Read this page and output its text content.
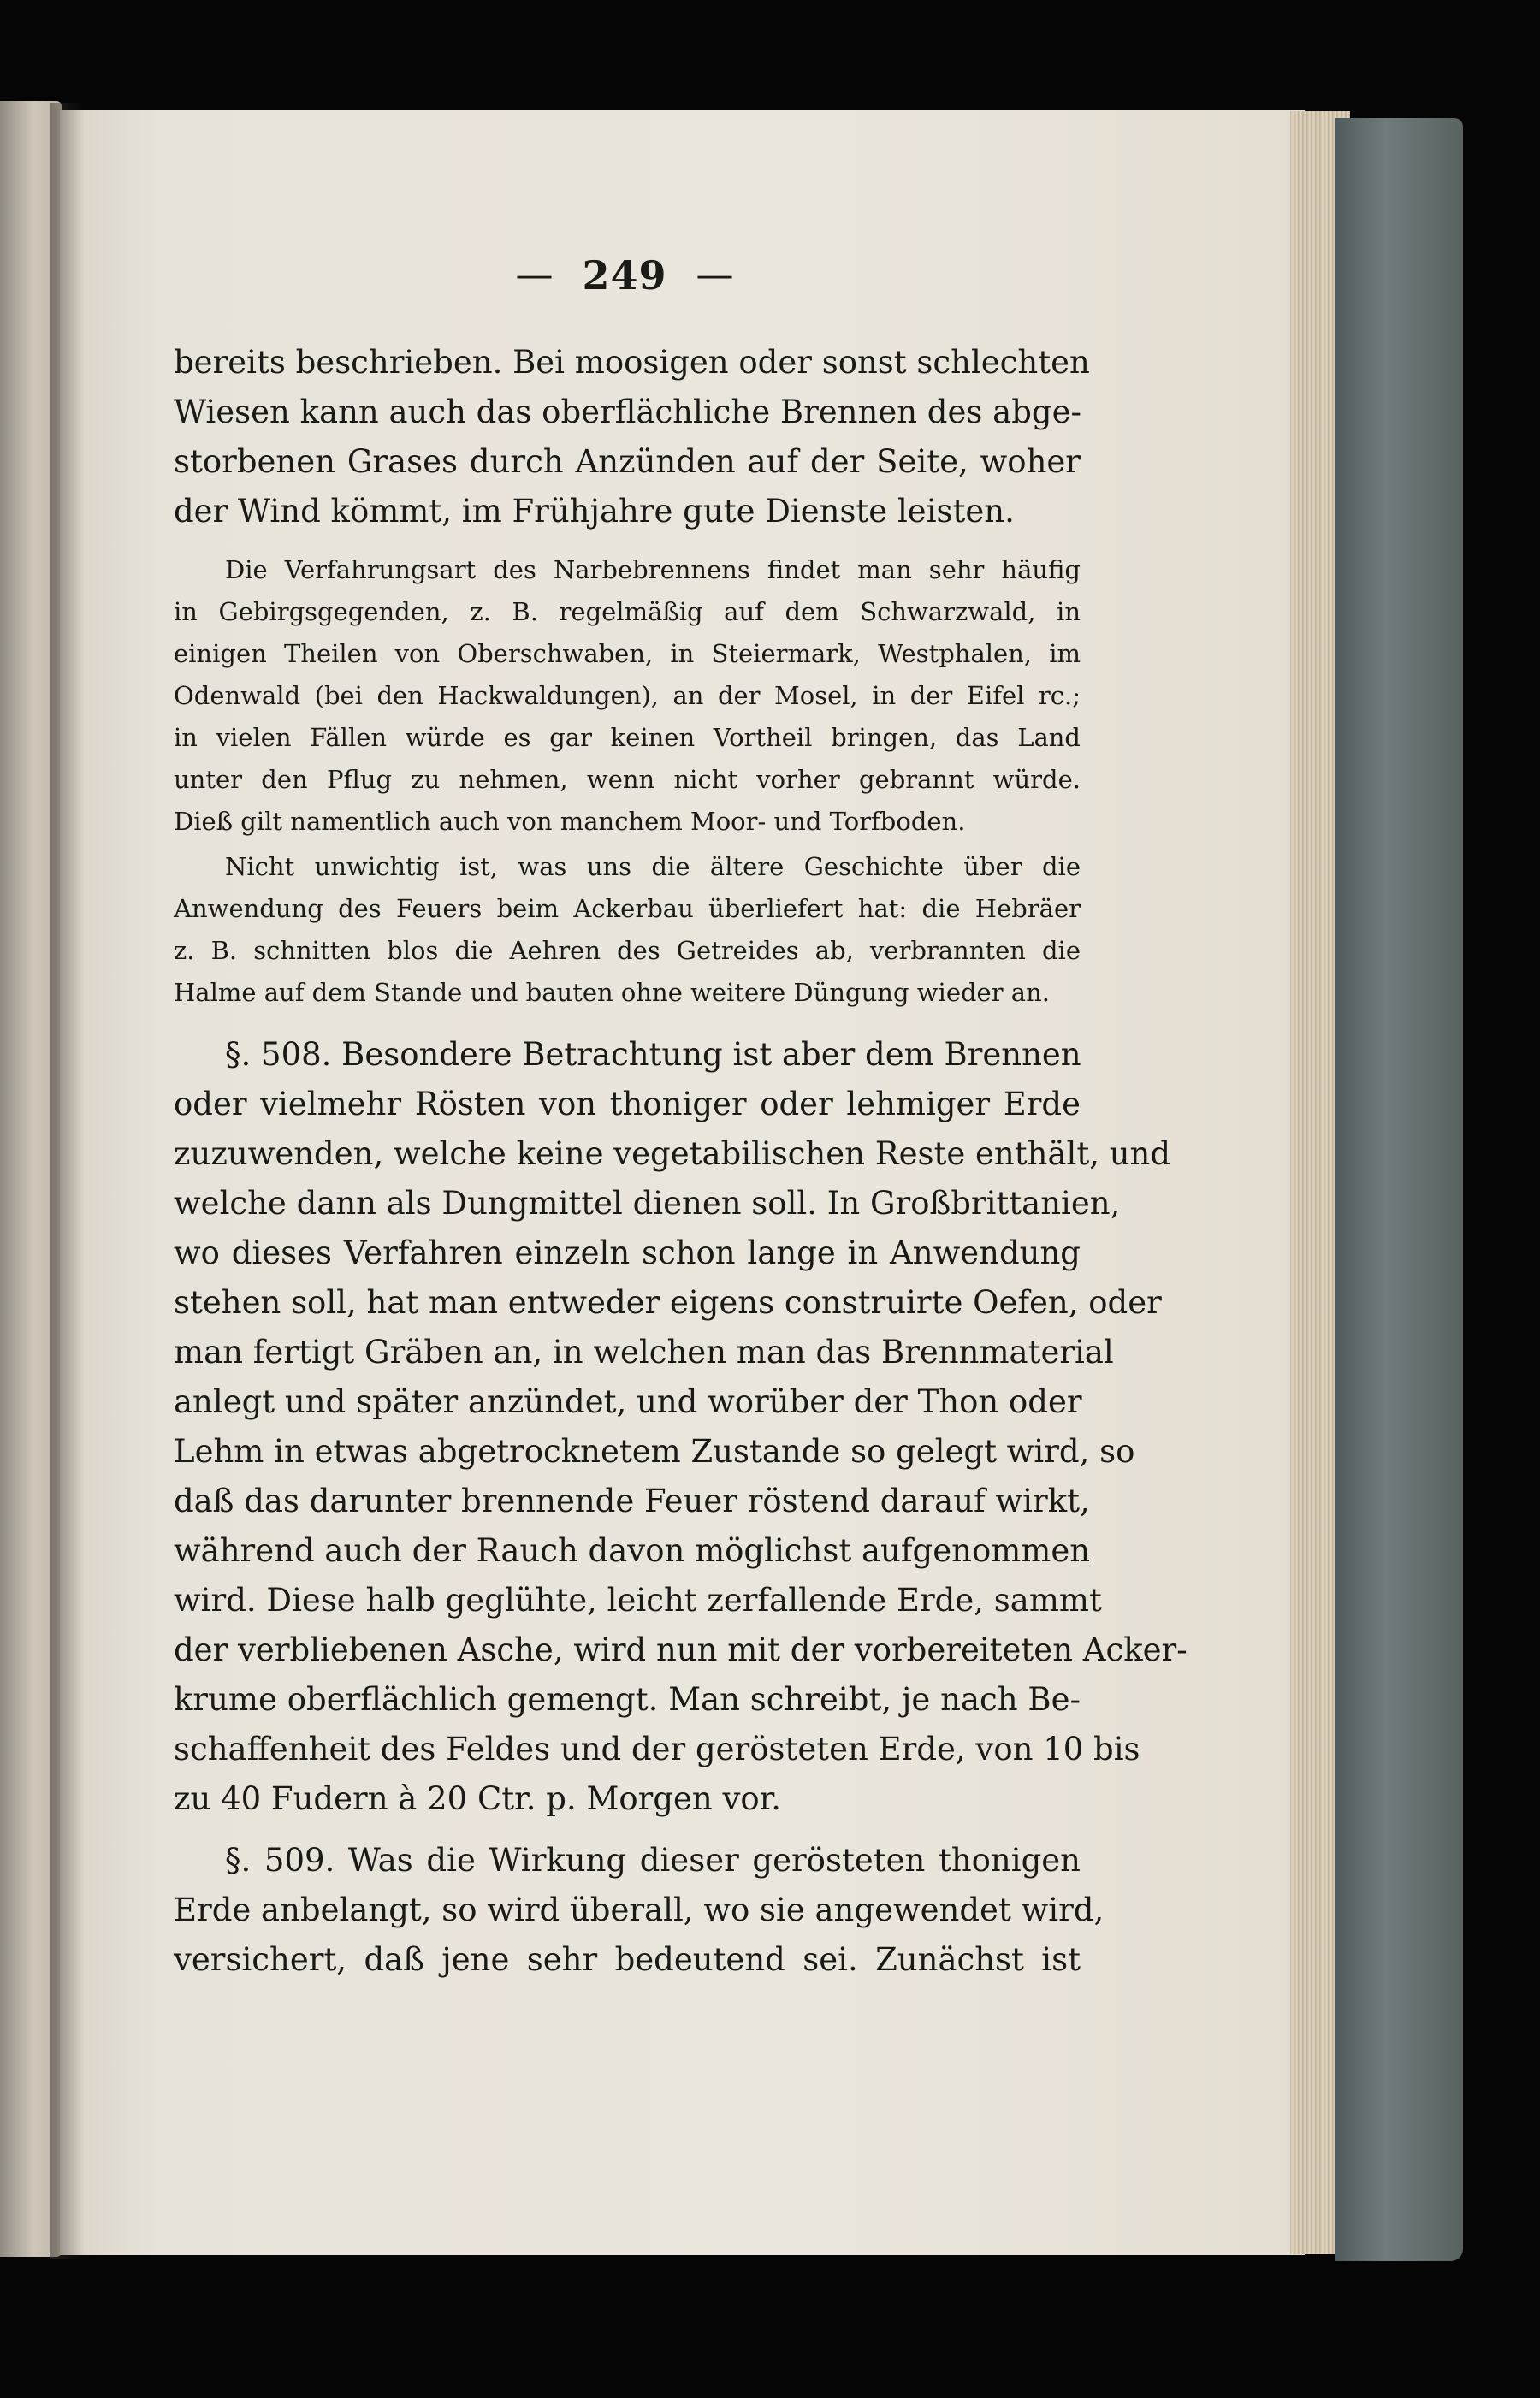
— 249 —
bereits beschrieben. Bei moosigen oder sonst schlechten
Wiesen kann auch das oberflächliche Brennen des abge-
storbenen Grases durch Anzünden auf der Seite, woher
der Wind kömmt, im Frühjahre gute Dienste leisten.
Die Verfahrungsart des Narbebrennens findet man sehr häufig
in Gebirgsgegenden, z. B. regelmäßig auf dem Schwarzwald, in
einigen Theilen von Oberschwaben, in Steiermark, Westphalen, im
Odenwald (bei den Hackwaldungen), an der Mosel, in der Eifel rc.;
in vielen Fällen würde es gar keinen Vortheil bringen, das Land
unter den Pflug zu nehmen, wenn nicht vorher gebrannt würde.
Dieß gilt namentlich auch von manchem Moor- und Torfboden.
Nicht unwichtig ist, was uns die ältere Geschichte über die
Anwendung des Feuers beim Ackerbau überliefert hat: die Hebräer
z. B. schnitten blos die Aehren des Getreides ab, verbrannten die
Halme auf dem Stande und bauten ohne weitere Düngung wieder an.
§. 508. Besondere Betrachtung ist aber dem Brennen
oder vielmehr Rösten von thoniger oder lehmiger Erde
zuzuwenden, welche keine vegetabilischen Reste enthält, und
welche dann als Dungmittel dienen soll. In Großbrittanien,
wo dieses Verfahren einzeln schon lange in Anwendung
stehen soll, hat man entweder eigens construirte Oefen, oder
man fertigt Gräben an, in welchen man das Brennmaterial
anlegt und später anzündet, und worüber der Thon oder
Lehm in etwas abgetrocknetem Zustande so gelegt wird, so
daß das darunter brennende Feuer röstend darauf wirkt,
während auch der Rauch davon möglichst aufgenommen
wird. Diese halb geglühte, leicht zerfallende Erde, sammt
der verbliebenen Asche, wird nun mit der vorbereiteten Acker-
krume oberflächlich gemengt. Man schreibt, je nach Be-
schaffenheit des Feldes und der gerösteten Erde, von 10 bis
zu 40 Fudern à 20 Ctr. p. Morgen vor.
§. 509. Was die Wirkung dieser gerösteten thonigen
Erde anbelangt, so wird überall, wo sie angewendet wird,
versichert, daß jene sehr bedeutend sei. Zunächst ist
